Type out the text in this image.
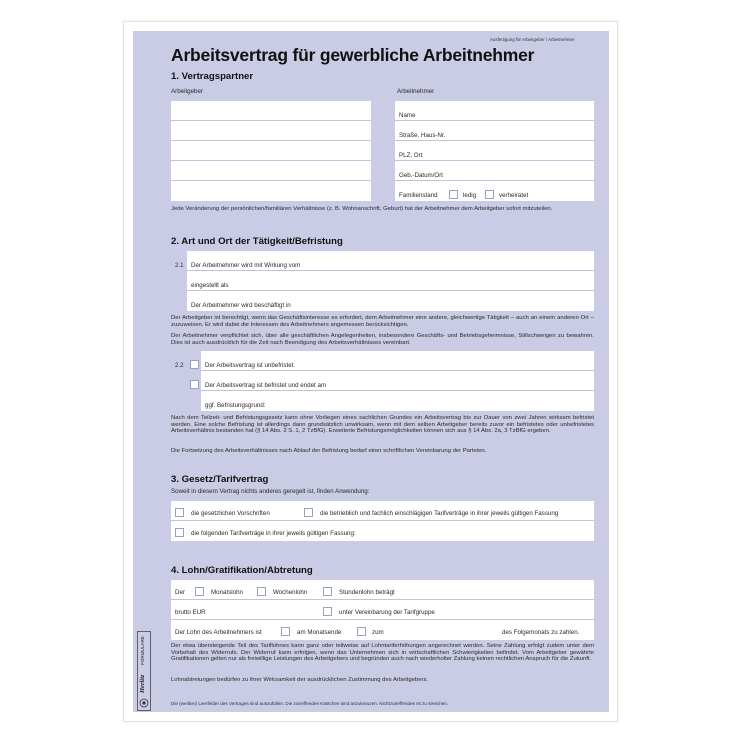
Ausfertigung für Arbeitgeber / Arbeitnehmer
Arbeitsvertrag für gewerbliche Arbeitnehmer
1. Vertragspartner
Arbeitgeber	Arbeitnehmer
Name
Straße, Haus-Nr.
PLZ, Ort
Geb.-Datum/Ort
Familienstand	ledig	verheiratet
Jede Veränderung der persönlichen/familiären Verhältnisse (z. B. Wohnanschrift, Geburt) hat der Arbeitnehmer dem Arbeitgeber sofort mitzuteilen.
2. Art und Ort der Tätigkeit/Befristung
2.1 Der Arbeitnehmer wird mit Wirkung vom
eingestellt als
Der Arbeitnehmer wird beschäftigt in
Der Arbeitgeber ist berechtigt, wenn das Geschäftsinteresse es erfordert, dem Arbeitnehmer eine andere, gleichwertige Tätigkeit – auch an einem anderen Ort – zuzuweisen. Er wird dabei die Interessen des Arbeitnehmers angemessen berücksichtigen.
Der Arbeitnehmer verpflichtet sich, über alle geschäftlichen Angelegenheiten, insbesondere Geschäfts- und Betriebsgeheimnisse, Stillschweigen zu bewahren. Dies ist auch ausdrücklich für die Zeit nach Beendigung des Arbeitsverhältnisses vereinbart.
2.2	Der Arbeitsvertrag ist unbefristet.
Der Arbeitsvertrag ist befristet und endet am
ggf. Befristungsgrund:
Nach dem Teilzeit- und Befristungsgesetz kann ohne Vorliegen eines sachlichen Grundes ein Arbeitsvertrag bis zur Dauer von zwei Jahren wirksam befristet werden. Eine solche Befristung ist allerdings dann grundsätzlich unwirksam, wenn mit dem selben Arbeitgeber bereits zuvor ein befristetes oder unbefristetes Arbeitsverhältnis bestanden hat (§ 14 Abs. 2 S. 1, 2 TzBfG). Erweiterte Befristungsmöglichkeiten können sich aus § 14 Abs. 2a, 3 TzBfG ergeben.
Die Fortsetzung des Arbeitsverhältnisses nach Ablauf der Befristung bedarf einer schriftlichen Vereinbarung der Parteien.
3. Gesetz/Tarifvertrag
Soweit in diesem Vertrag nichts anderes geregelt ist, finden Anwendung:
die gesetzlichen Vorschriften	die betrieblich und fachlich einschlägigen Tarifverträge in ihrer jeweils gültigen Fassung
die folgenden Tarifverträge in ihrer jeweils gültigen Fassung:
4. Lohn/Gratifikation/Abtretung
Der	Monatslohn	Wochenlohn	Stundenlohn beträgt
brutto EUR	unter Vereinbarung der Tarifgruppe
Der Lohn des Arbeitnehmers ist	am Monatsende	zum	des Folgemonats zu zahlen.
Der etwa übersteigende Teil des Tariflohnes kann ganz oder teilweise auf Lohntariferhöhungen angerechnet werden. Seine Zahlung erfolgt zudem unter dem Vorbehalt des Widerrufs. Der Widerruf kann erfolgen, wenn das Unternehmen sich in wirtschaftlichen Schwierigkeiten befindet. Vom Arbeitgeber gewährte Gratifikationen gelten nur als freiwillige Leistungen des Arbeitgebers und begründen auch nach wiederholter Zahlung keinen rechtlichen Anspruch für die Zukunft.
Lohnabtretungen bedürfen zu ihrer Wirksamkeit der ausdrücklichen Zustimmung des Arbeitgebers.
Die (weißen) Leerfelder des Vertrages sind auszufüllen. Die zutreffenden Kästchen sind anzukreuzen. Nichtzutreffendes ist zu streichen.
Herlitz
FORMULARE
